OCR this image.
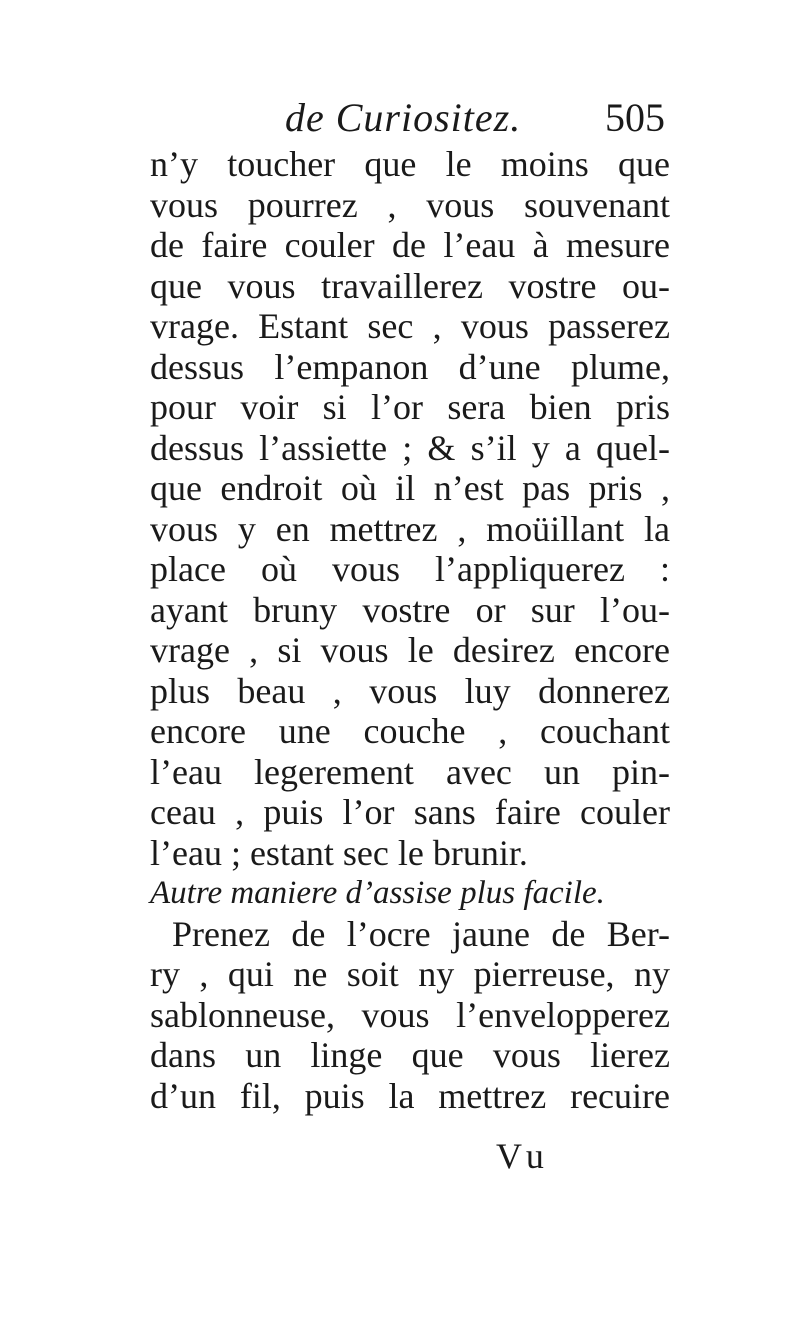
de Curiositez. 505
n’y toucher que le moins que
vous pourrez , vous souvenant
de faire couler de l’eau à mesure
que vous travaillerez vostre ou-
vrage. Estant sec , vous passerez
dessus l’empanon d’une plume,
pour voir si l’or sera bien pris
dessus l’assiette ; & s’il y a quel-
que endroit où il n’est pas pris ,
vous y en mettrez , moüillant la
place où vous l’appliquerez :
ayant bruny vostre or sur l’ou-
vrage , si vous le desirez encore
plus beau , vous luy donnerez
encore une couche , couchant
l’eau legerement avec un pin-
ceau , puis l’or sans faire couler
l’eau ; estant sec le brunir.
Autre maniere d’assise plus facile.
Prenez de l’ocre jaune de Ber-
ry , qui ne soit ny pierreuse, ny
sablonneuse, vous l’envelopperez
dans un linge que vous lierez
d’un fil, puis la mettrez recuire
Vu
